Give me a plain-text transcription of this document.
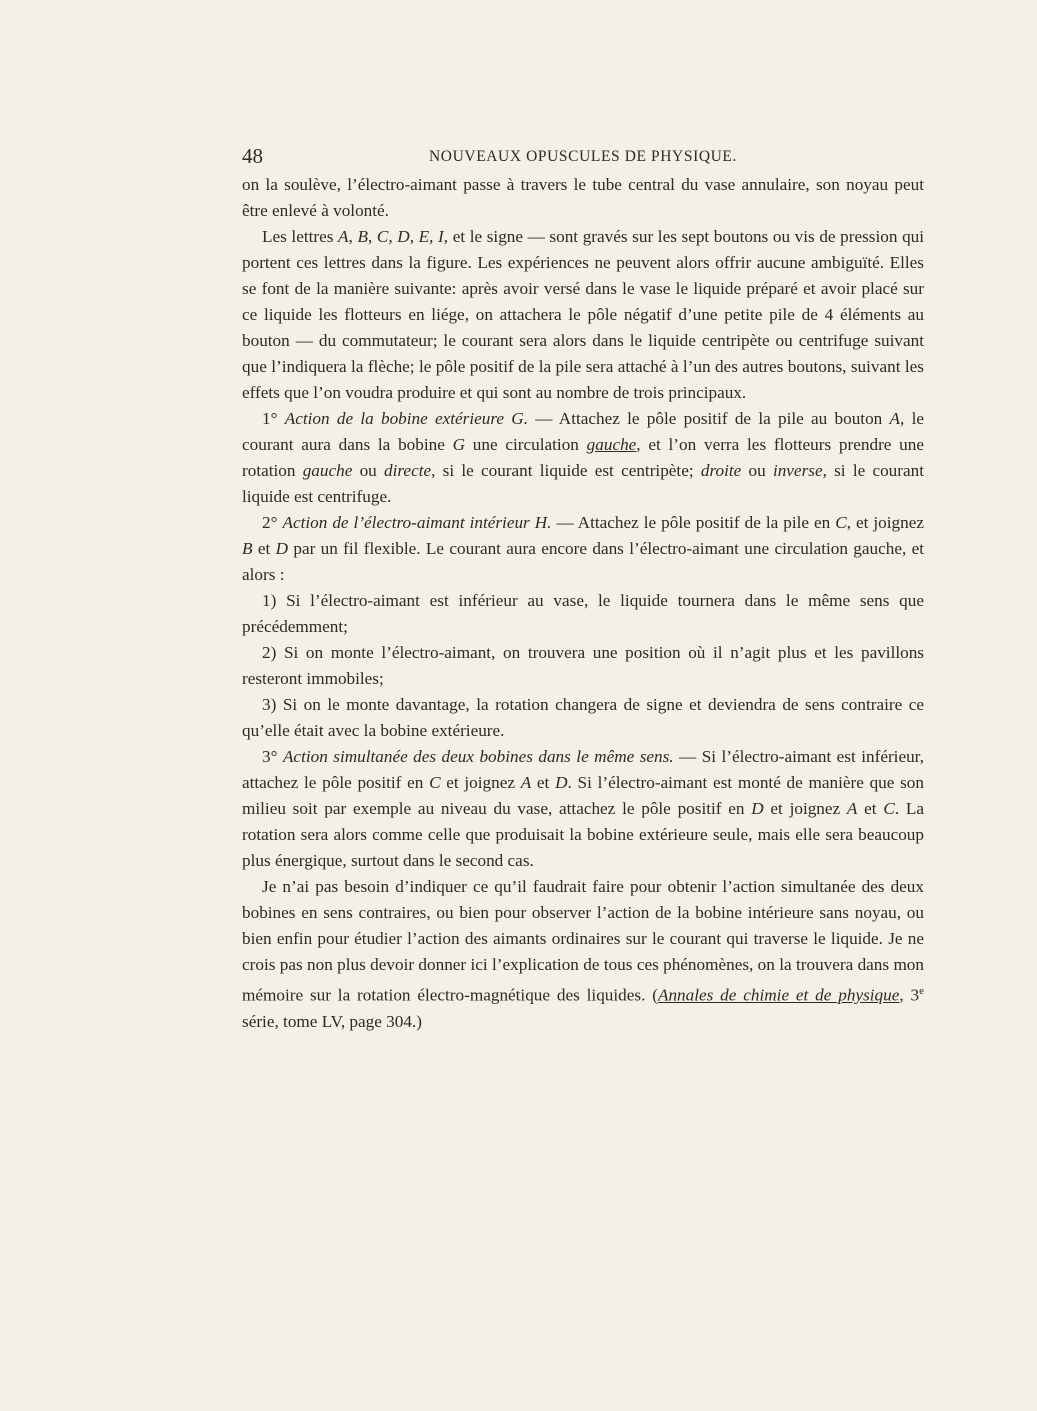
48	NOUVEAUX OPUSCULES DE PHYSIQUE.

on la soulève, l’électro-aimant passe à travers le tube central du vase annulaire, son noyau peut être enlevé à volonté.

Les lettres A, B, C, D, E, I, et le signe — sont gravés sur les sept boutons ou vis de pression qui portent ces lettres dans la figure. Les expériences ne peuvent alors offrir aucune ambiguïté. Elles se font de la manière suivante: après avoir versé dans le vase le liquide préparé et avoir placé sur ce liquide les flotteurs en liége, on attachera le pôle négatif d’une petite pile de 4 éléments au bouton — du commutateur; le courant sera alors dans le liquide centripète ou centrifuge suivant que l’indiquera la flèche; le pôle positif de la pile sera attaché à l’un des autres boutons, suivant les effets que l’on voudra produire et qui sont au nombre de trois principaux.

1° Action de la bobine extérieure G. — Attachez le pôle positif de la pile au bouton A, le courant aura dans la bobine G une circulation gauche, et l’on verra les flotteurs prendre une rotation gauche ou directe, si le courant liquide est centripète; droite ou inverse, si le courant liquide est centrifuge.

2° Action de l’électro-aimant intérieur H. — Attachez le pôle positif de la pile en C, et joignez B et D par un fil flexible. Le courant aura encore dans l’électro-aimant une circulation gauche, et alors :

1) Si l’électro-aimant est inférieur au vase, le liquide tournera dans le même sens que précédemment;

2) Si on monte l’électro-aimant, on trouvera une position où il n’agit plus et les pavillons resteront immobiles;

3) Si on le monte davantage, la rotation changera de signe et deviendra de sens contraire ce qu’elle était avec la bobine extérieure.

3° Action simultanée des deux bobines dans le même sens. — Si l’électro-aimant est inférieur, attachez le pôle positif en C et joignez A et D. Si l’électro-aimant est monté de manière que son milieu soit par exemple au niveau du vase, attachez le pôle positif en D et joignez A et C. La rotation sera alors comme celle que produisait la bobine extérieure seule, mais elle sera beaucoup plus énergique, surtout dans le second cas.

Je n’ai pas besoin d’indiquer ce qu’il faudrait faire pour obtenir l’action simultanée des deux bobines en sens contraires, ou bien pour observer l’action de la bobine intérieure sans noyau, ou bien enfin pour étudier l’action des aimants ordinaires sur le courant qui traverse le liquide. Je ne crois pas non plus devoir donner ici l’explication de tous ces phénomènes, on la trouvera dans mon mémoire sur la rotation électro-magnétique des liquides. (Annales de chimie et de physique, 3e série, tome LV, page 304.)
